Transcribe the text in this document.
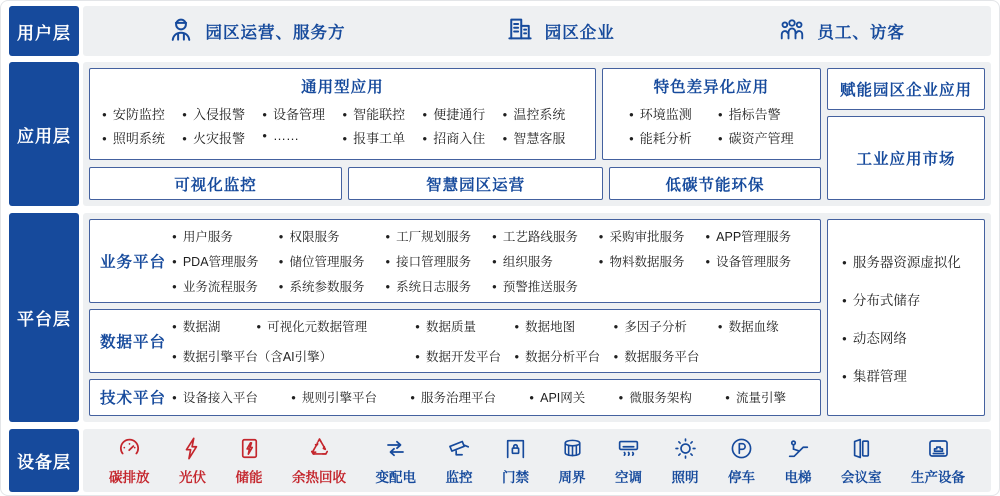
用户层	园区运营、服务方	园区企业	员工、访客
应用层
通用型应用
● 安防监控	● 入侵报警	● 设备管理	● 智能联控	● 便捷通行	● 温控系统
● 照明系统	● 火灾报警	● ……	● 报事工单	● 招商入住	● 智慧客服
特色差异化应用
● 环境监测	● 指标告警
● 能耗分析	● 碳资产管理
可视化监控	智慧园区运营	低碳节能环保
赋能园区企业应用
工业应用市场
平台层
业务平台
● 用户服务	● 权限服务	● 工厂规划服务	● 工艺路线服务	● 采购审批服务	● APP管理服务
● PDA管理服务	● 储位管理服务	● 接口管理服务	● 组织服务	● 物料数据服务	● 设备管理服务
● 业务流程服务	● 系统参数服务	● 系统日志服务	● 预警推送服务
数据平台
● 数据湖	● 可视化元数据管理	● 数据质量	● 数据地图	● 多因子分析	● 数据血缘
● 数据引擎平台（含AI引擎）	● 数据开发平台	● 数据分析平台	● 数据服务平台
技术平台	● 设备接入平台	● 规则引擎平台	● 服务治理平台	● API网关	● 微服务架构	● 流量引擎
● 服务器资源虚拟化
● 分布式储存
● 动态网络
● 集群管理
设备层
碳排放 光伏 储能 余热回收 变配电 监控 门禁 周界 空调 照明 停车 电梯 会议室 生产设备
